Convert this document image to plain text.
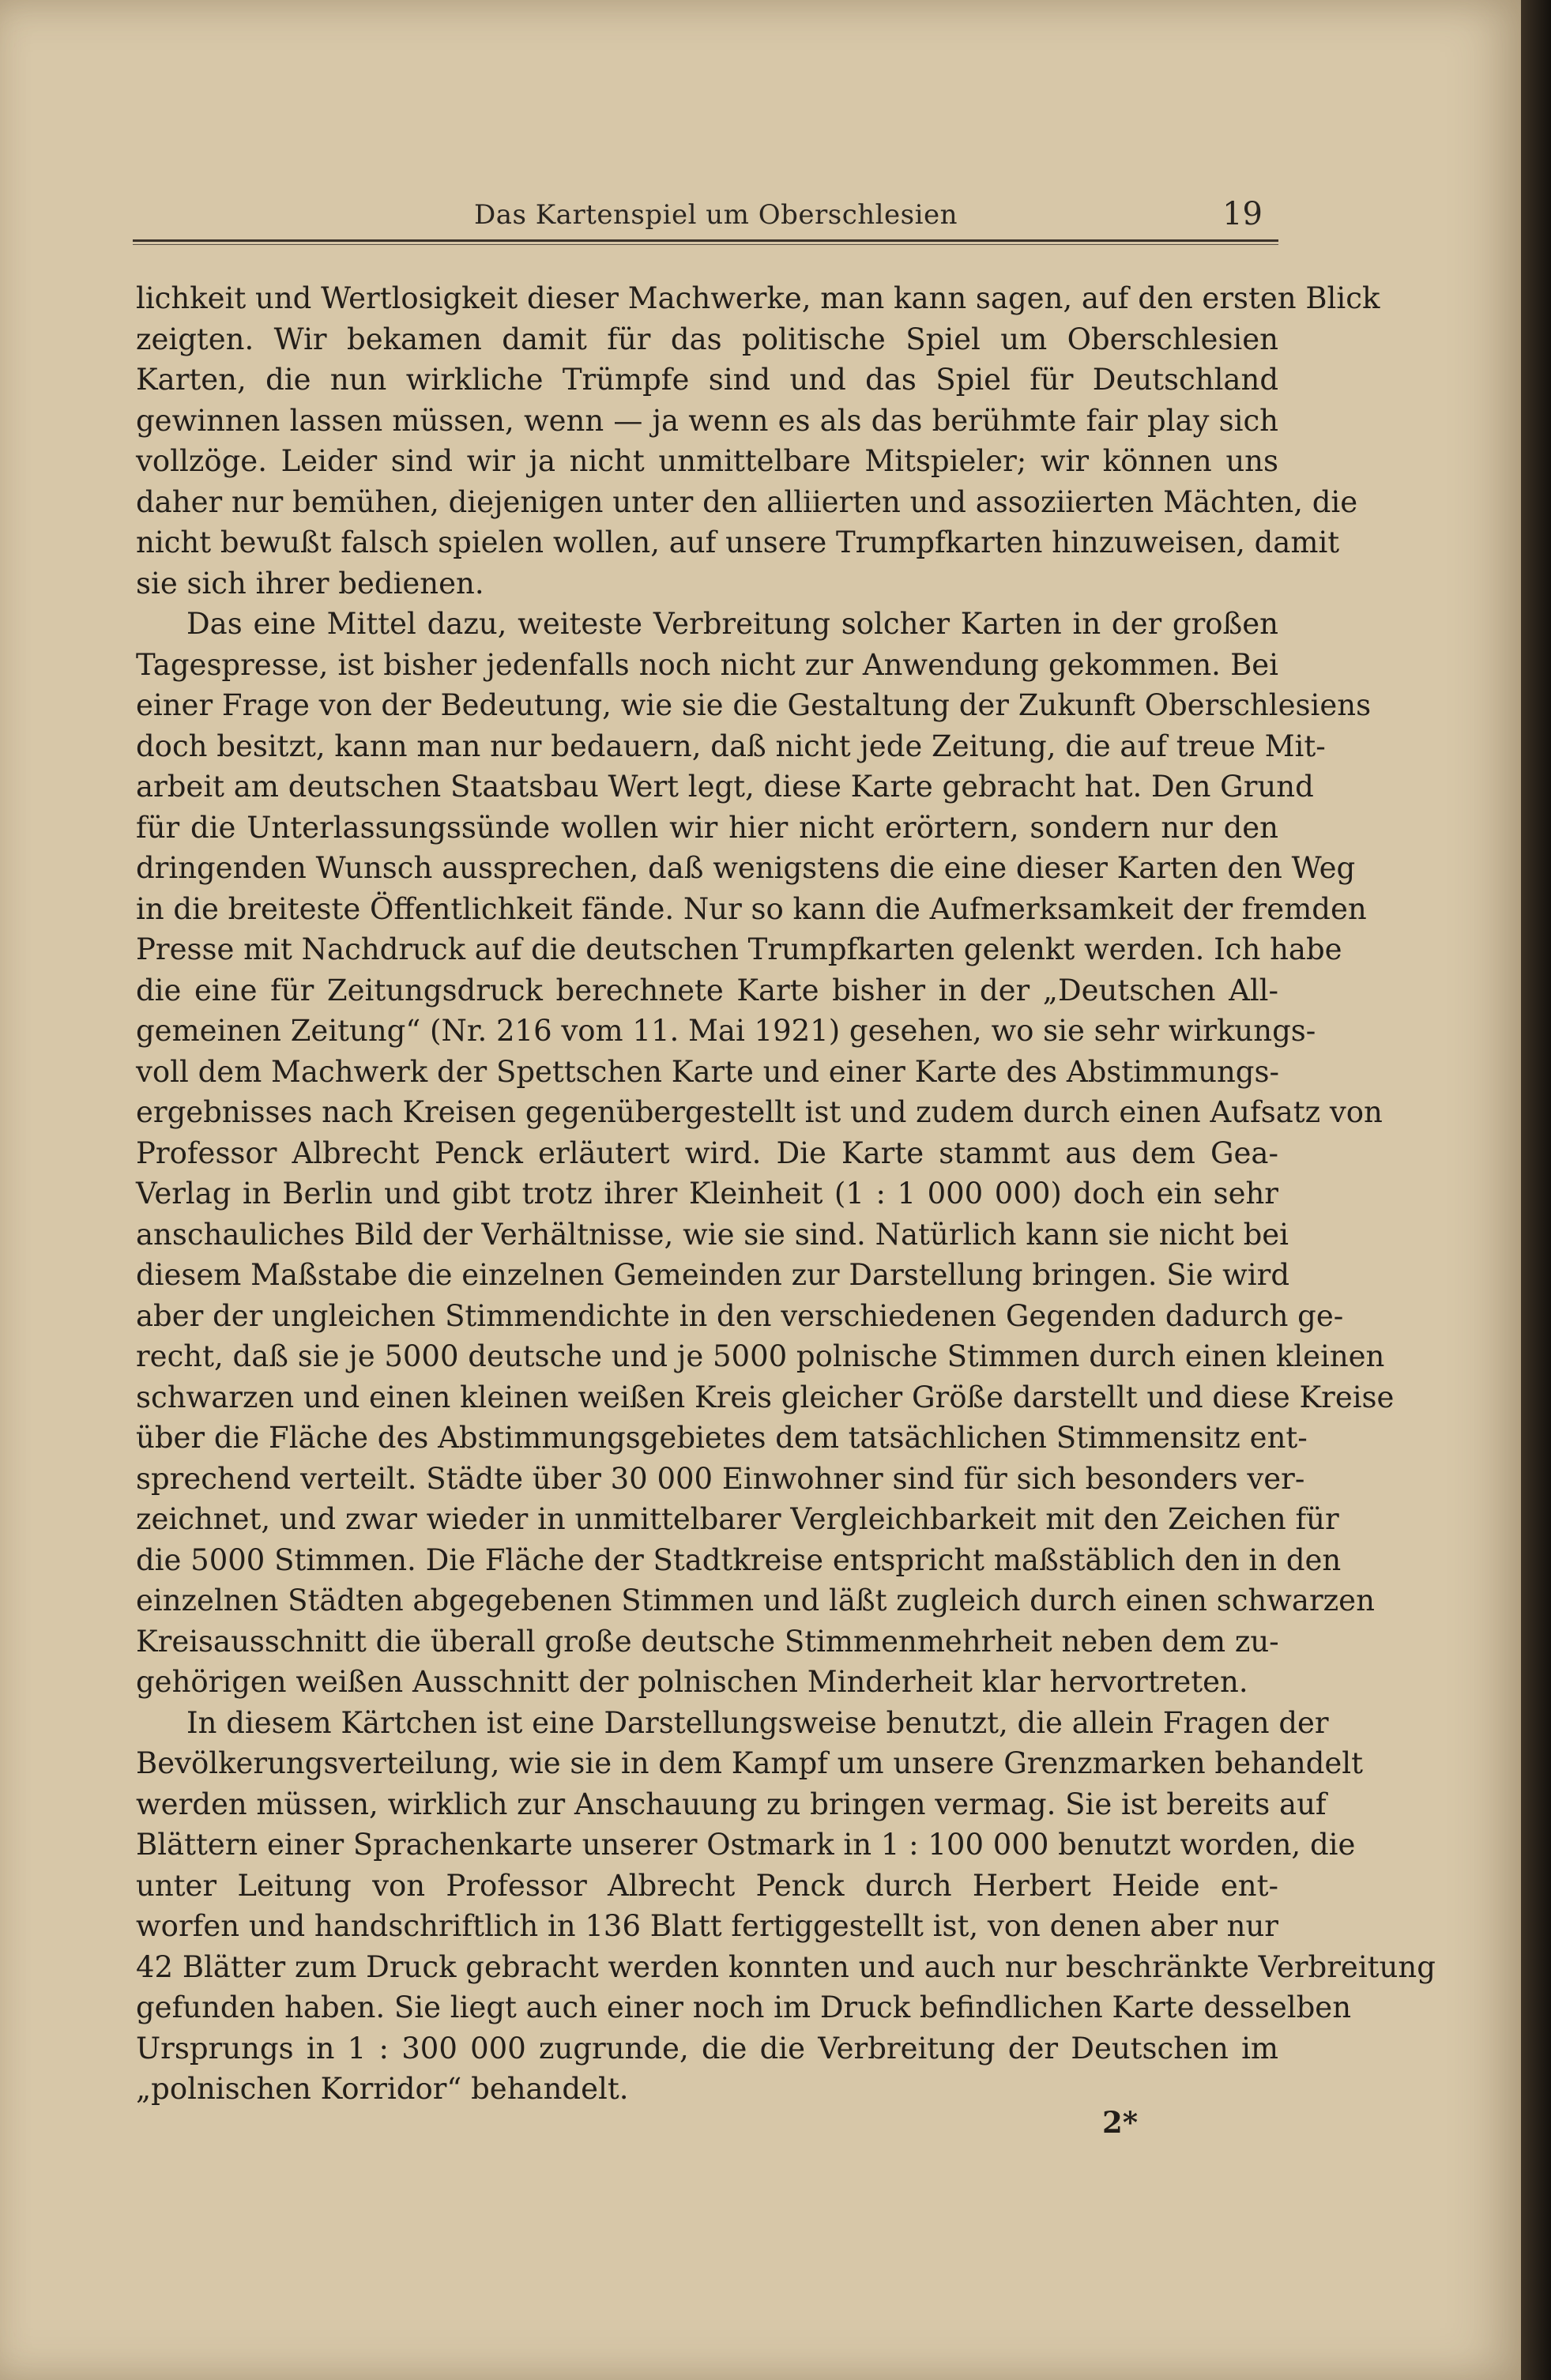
Das Kartenspiel um Oberschlesien	19
lichkeit und Wertlosigkeit dieser Machwerke, man kann sagen, auf den ersten Blick
zeigten. Wir bekamen damit für das politische Spiel um Oberschlesien
Karten, die nun wirkliche Trümpfe sind und das Spiel für Deutschland
gewinnen lassen müssen, wenn — ja wenn es als das berühmte fair play sich
vollzöge. Leider sind wir ja nicht unmittelbare Mitspieler; wir können uns
daher nur bemühen, diejenigen unter den alliierten und assoziierten Mächten, die
nicht bewußt falsch spielen wollen, auf unsere Trumpfkarten hinzuweisen, damit
sie sich ihrer bedienen.
Das eine Mittel dazu, weiteste Verbreitung solcher Karten in der großen
Tagespresse, ist bisher jedenfalls noch nicht zur Anwendung gekommen. Bei
einer Frage von der Bedeutung, wie sie die Gestaltung der Zukunft Oberschlesiens
doch besitzt, kann man nur bedauern, daß nicht jede Zeitung, die auf treue Mit-
arbeit am deutschen Staatsbau Wert legt, diese Karte gebracht hat. Den Grund
für die Unterlassungssünde wollen wir hier nicht erörtern, sondern nur den
dringenden Wunsch aussprechen, daß wenigstens die eine dieser Karten den Weg
in die breiteste Öffentlichkeit fände. Nur so kann die Aufmerksamkeit der fremden
Presse mit Nachdruck auf die deutschen Trumpfkarten gelenkt werden. Ich habe
die eine für Zeitungsdruck berechnete Karte bisher in der „Deutschen All-
gemeinen Zeitung“ (Nr. 216 vom 11. Mai 1921) gesehen, wo sie sehr wirkungs-
voll dem Machwerk der Spettschen Karte und einer Karte des Abstimmungs-
ergebnisses nach Kreisen gegenübergestellt ist und zudem durch einen Aufsatz von
Professor Albrecht Penck erläutert wird. Die Karte stammt aus dem Gea-
Verlag in Berlin und gibt trotz ihrer Kleinheit (1 : 1 000 000) doch ein sehr
anschauliches Bild der Verhältnisse, wie sie sind. Natürlich kann sie nicht bei
diesem Maßstabe die einzelnen Gemeinden zur Darstellung bringen. Sie wird
aber der ungleichen Stimmendichte in den verschiedenen Gegenden dadurch ge-
recht, daß sie je 5000 deutsche und je 5000 polnische Stimmen durch einen kleinen
schwarzen und einen kleinen weißen Kreis gleicher Größe darstellt und diese Kreise
über die Fläche des Abstimmungsgebietes dem tatsächlichen Stimmensitz ent-
sprechend verteilt. Städte über 30 000 Einwohner sind für sich besonders ver-
zeichnet, und zwar wieder in unmittelbarer Vergleichbarkeit mit den Zeichen für
die 5000 Stimmen. Die Fläche der Stadtkreise entspricht maßstäblich den in den
einzelnen Städten abgegebenen Stimmen und läßt zugleich durch einen schwarzen
Kreisausschnitt die überall große deutsche Stimmenmehrheit neben dem zu-
gehörigen weißen Ausschnitt der polnischen Minderheit klar hervortreten.
In diesem Kärtchen ist eine Darstellungsweise benutzt, die allein Fragen der
Bevölkerungsverteilung, wie sie in dem Kampf um unsere Grenzmarken behandelt
werden müssen, wirklich zur Anschauung zu bringen vermag. Sie ist bereits auf
Blättern einer Sprachenkarte unserer Ostmark in 1 : 100 000 benutzt worden, die
unter Leitung von Professor Albrecht Penck durch Herbert Heide ent-
worfen und handschriftlich in 136 Blatt fertiggestellt ist, von denen aber nur
42 Blätter zum Druck gebracht werden konnten und auch nur beschränkte Verbreitung
gefunden haben. Sie liegt auch einer noch im Druck befindlichen Karte desselben
Ursprungs in 1 : 300 000 zugrunde, die die Verbreitung der Deutschen im
„polnischen Korridor“ behandelt.
2*
